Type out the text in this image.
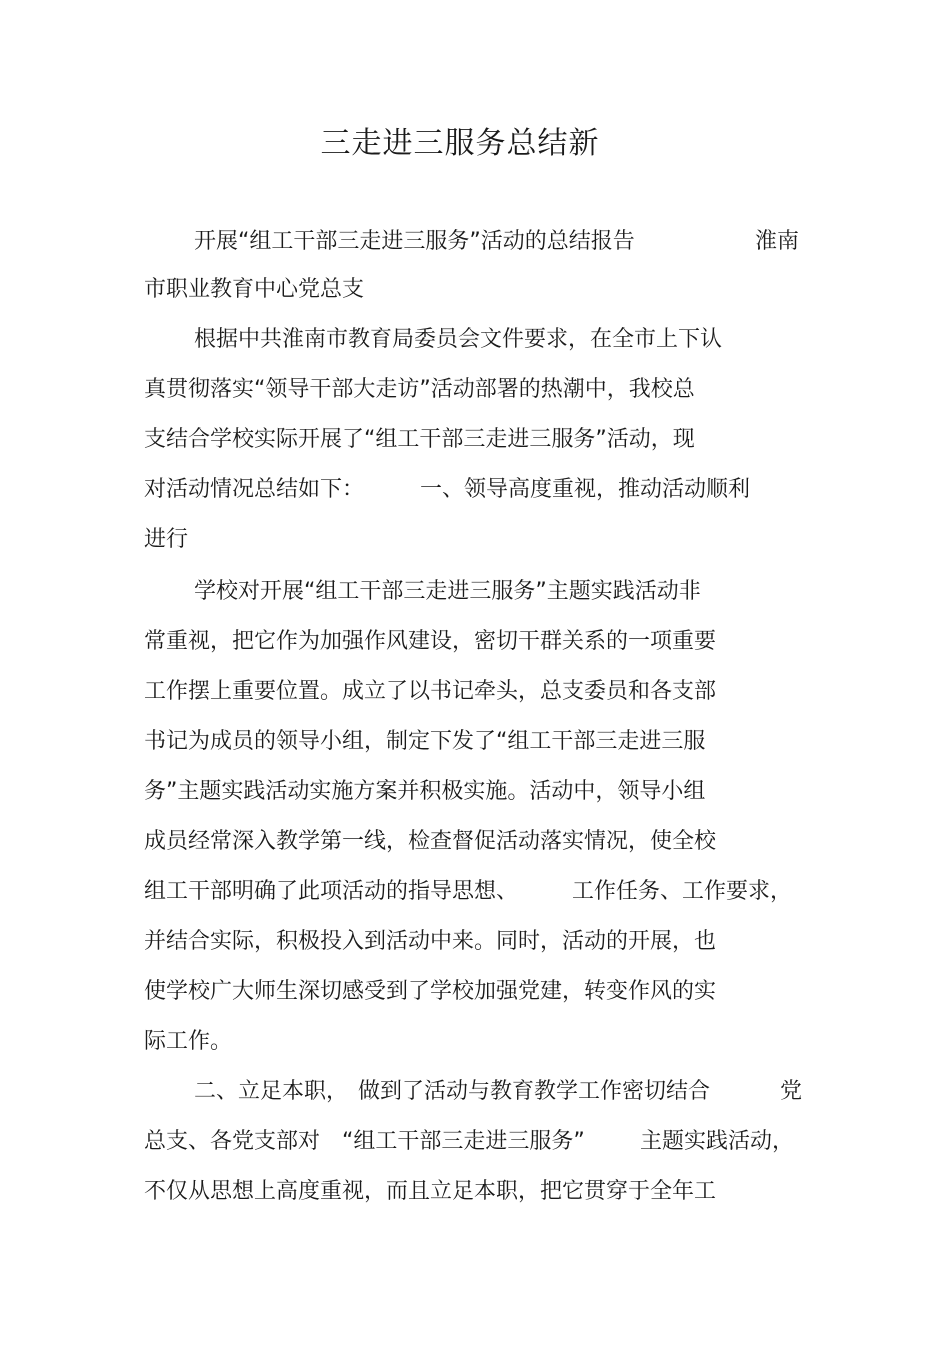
三走进三服务总结新
开展“组工干部三走进三服务”活动的总结报告	淮南
市职业教育中心党总支
根据中共淮南市教育局委员会文件要求，在全市上下认
真贯彻落实“领导干部大走访”活动部署的热潮中，我校总
支结合学校实际开展了“组工干部三走进三服务”活动，现
对活动情况总结如下：	一、领导高度重视，推动活动顺利
进行
学校对开展“组工干部三走进三服务”主题实践活动非
常重视，把它作为加强作风建设，密切干群关系的一项重要
工作摆上重要位置。成立了以书记牵头，总支委员和各支部
书记为成员的领导小组，制定下发了“组工干部三走进三服
务”主题实践活动实施方案并积极实施。活动中，领导小组
成员经常深入教学第一线，检查督促活动落实情况，使全校
组工干部明确了此项活动的指导思想、 工作任务、工作要求，
并结合实际，积极投入到活动中来。同时，活动的开展，也
使学校广大师生深切感受到了学校加强党建，转变作风的实
际工作。
二、立足本职， 做到了活动与教育教学工作密切结合	党
总支、各党支部对 “组工干部三走进三服务”	主题实践活动，
不仅从思想上高度重视，而且立足本职，把它贯穿于全年工
